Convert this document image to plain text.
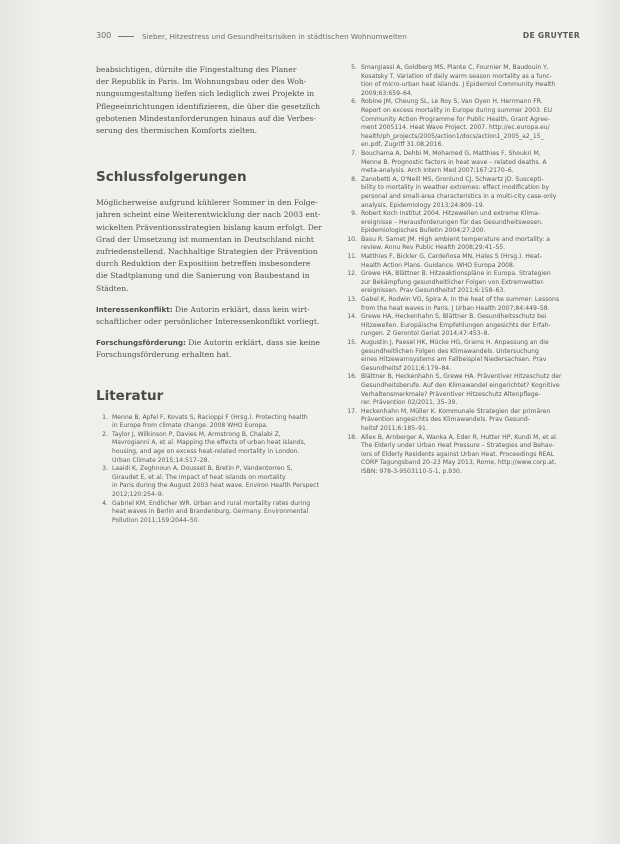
300	Sieber, Hitzestress und Gesundheitsrisiken in städtischen Wohnumwelten	DE GRUYTER

beabsichtigen, dürnite die Fingestaltung des Planer
der Republik in Paris. Im Wohnungsbau oder des Woh-
nungsumgestaltung liefen sich lediglich zwei Projekte in
Pflegeeinrichtungen identifizieren, die über die gesetzlich
gebotenen Mindestanforderungen hinaus auf die Verbes-
serung des thermischen Komforts zielten.

Schlussfolgerungen

Möglicherweise aufgrund kühlerer Sommer in den Folge-
jahren scheint eine Weiterentwicklung der nach 2003 ent-
wickelten Präventionsstrategien bislang kaum erfolgt. Der
Grad der Umsetzung ist momentan in Deutschland nicht
zufriedenstellend. Nachhaltige Strategien der Prävention
durch Reduktion der Exposition betreffen insbesondere
die Stadtplanung und die Sanierung von Baubestand in
Städten.

Interessenkonflikt: Die Autorin erklärt, dass kein wirt-
schaftlicher oder persönlicher Interessenkonflikt vorliegt.
Forschungsförderung: Die Autorin erklärt, dass sie keine
Forschungsförderung erhalten hat.
Literatur
1. Menne B, Apfel F, Kovats S, Racioppi F (Hrsg.). Protecting health
in Europe from climate change. 2008 WHO Europa.
2. Taylor J, Wilkinson P, Davies M, Armstrong B, Chalabi Z,
Mavrogianni A, et al. Mapping the effects of urban heat islands,
housing, and age on excess heat-related mortality in London.
Urban Climate 2015;14:517–28.
3. Laaidi K, Zeghnoun A, Dousset B, Bretin P, Vandentorren S,
Giraudet E, et al. The impact of heat islands on mortality
in Paris during the August 2003 heat wave. Environ Health Perspect
2012;120:254–9.
4. Gabriel KM, Endlicher WR. Urban and rural mortality rates during
heat waves in Berlin and Brandenburg, Germany. Environmental
Pollution 2011;159:2044–50.
5. Smargiassi A, Goldberg MS, Plante C, Fournier M, Baudouin Y,
Kosatsky T. Variation of daily warm season mortality as a func-
tion of micro-urban heat islands. J Epidemiol Community Health
2009;63:659–64.
6. Robine JM, Cheung SL, Le Roy S, Van Oyen H, Herrmann FR.
Report on excess mortality in Europe during summer 2003. EU
Community Action Programme for Public Health, Grant Agree-
ment 2005114. Heat Wave Project. 2007. http://ec.europa.eu/
health/ph_projects/2005/action1/docs/action1_2005_a2_15_
en.pdf, Zugriff 31.08.2016.
7. Bouchama A, Dehbi M, Mohamed G, Matthies F, Shoukri M,
Menne B. Prognostic factors in heat wave – related deaths. A
meta-analysis. Arch Intern Med 2007;167:2170–6.
8. Zanobetti A, O'Neill MS, Gronlund CJ, Schwartz JD. Suscepti-
bility to mortality in weather extremes: effect modification by
personal and small-area characteristics in a multi-city case-only
analysis. Epidemiology 2013;24:809–19.
9. Robert Koch Institut 2004. Hitzewellen und extreme Klima-
ereignisse – Herausforderungen für das Gesundheitswesen.
Epidemiologisches Bulletin 2004;27:200.
10. Basu R. Samet JM. High ambient temperature and mortality: a
review. Annu Rev Public Health 2008;29:41–55.
11. Matthies F, Bickler G, Cardeñosa MN, Hales S (Hrsg.). Heat-
Health Action Plans. Guidance. WHO Europa 2008.
12. Grewe HA, Blättner B. Hitzeaktionspläne in Europa. Strategien
zur Bekämpfung gesundheitlicher Folgen von Extremwetter-
ereignissen. Prav Gesundheitsf 2011;6:158–63.
13. Gabel K, Rodwin VG, Spira A. In the heat of the summer: Lessons
from the heat waves in Paris. J Urban Health 2007;84:449–58.
14. Grewe HA, Heckenhahn S, Blättner B. Gesundheitsschutz bei
Hitzewellen. Europäische Empfehlungen angesichts der Erfah-
rungen. Z Gerontol Geriat 2014;47:453–8.
15. Augustin J, Paesel HK, Mücke HG, Grams H. Anpassung an die
gesundheitlichen Folgen des Klimawandels. Untersuchung
eines Hitzewarnsystems am Fallbeispiel Niedersachsen. Prav
Gesundheitsf 2011;6:179–84.
16. Blättner B, Heckenhahn S, Grewe HA. Präventiver Hitzeschutz der
Gesundheitsberufe. Auf den Klimawandel eingerichtet? Kognitive
Verhaltensmerkmale? Präventiver Hitzeschutz Altenpflege-
rer. Prävention 02/2011, 35–39.
17. Heckenhahn M, Müller K. Kommunale Strategien der primären
Prävention angesichts des Klimawandels. Prav Gesund-
heitsf 2011;6:185–91.
18. Allex B, Arnberger A, Wanka A, Eder R, Hutter HP, Kundi M, et al.
The Elderly under Urban Heat Pressure – Strategies and Behav-
iors of Elderly Residents against Urban Heat. Proceedings REAL
CORP Tagungsband 20–23 May 2013, Rome, http://www.corp.at,
ISBN: 978-3-9503110-5-1, p.930.
